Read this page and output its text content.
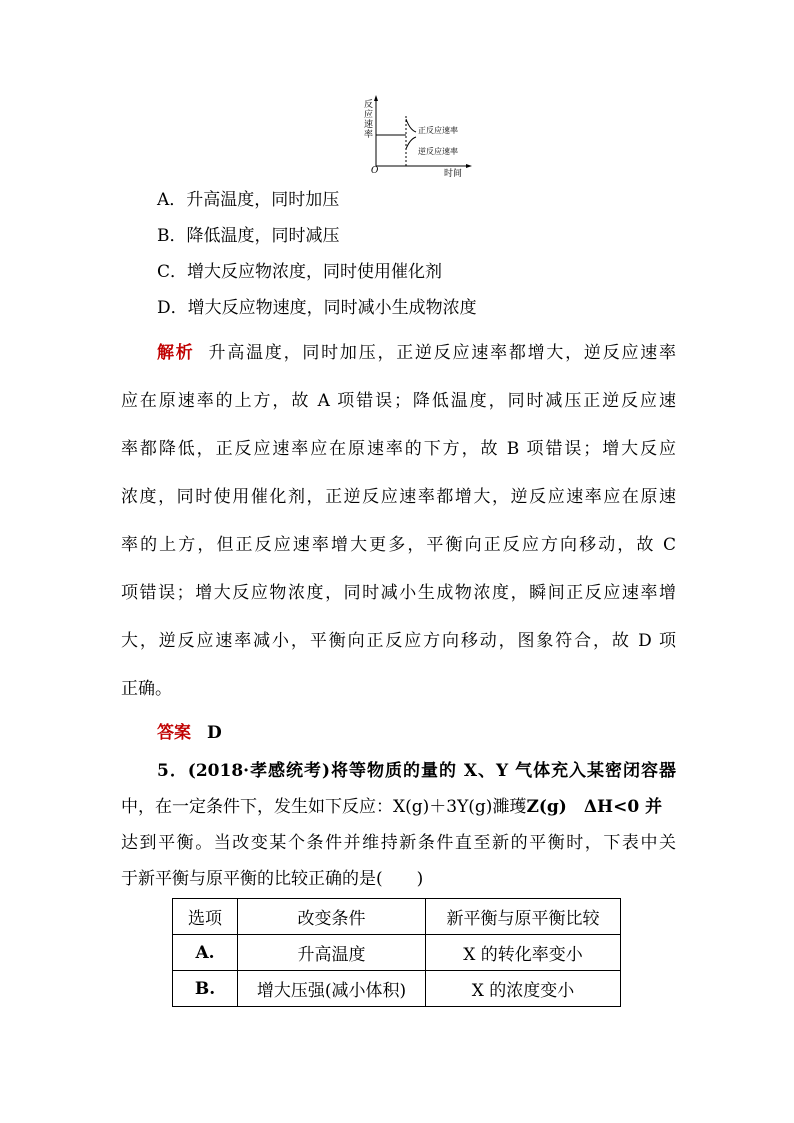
反应速率
O	时间
正反应速率
逆反应速率
A．升高温度，同时加压
B．降低温度，同时减压
C．增大反应物浓度，同时使用催化剂
D．增大反应物速度，同时减小生成物浓度
解析 升高温度，同时加压，正逆反应速率都增大，逆反应速率
应在原速率的上方，故 A 项错误；降低温度，同时减压正逆反应速
率都降低，正反应速率应在原速率的下方，故 B 项错误；增大反应
浓度，同时使用催化剂，正逆反应速率都增大，逆反应速率应在原速
率的上方，但正反应速率增大更多，平衡向正反应方向移动，故 C
项错误；增大反应物浓度，同时减小生成物浓度，瞬间正反应速率增
大，逆反应速率减小，平衡向正反应方向移动，图象符合，故 D 项
正确。
答案 D
5．(2018·孝感统考)将等物质的量的 X、Y 气体充入某密闭容器
中，在一定条件下，发生如下反应：X(g)＋3Y(g)濉瓁Z(g)　ΔH<0 并
达到平衡。当改变某个条件并维持新条件直至新的平衡时，下表中关
于新平衡与原平衡的比较正确的是(　　)
选项	改变条件	新平衡与原平衡比较
A.	升高温度	X 的转化率变小
B.	增大压强(减小体积)	X 的浓度变小
